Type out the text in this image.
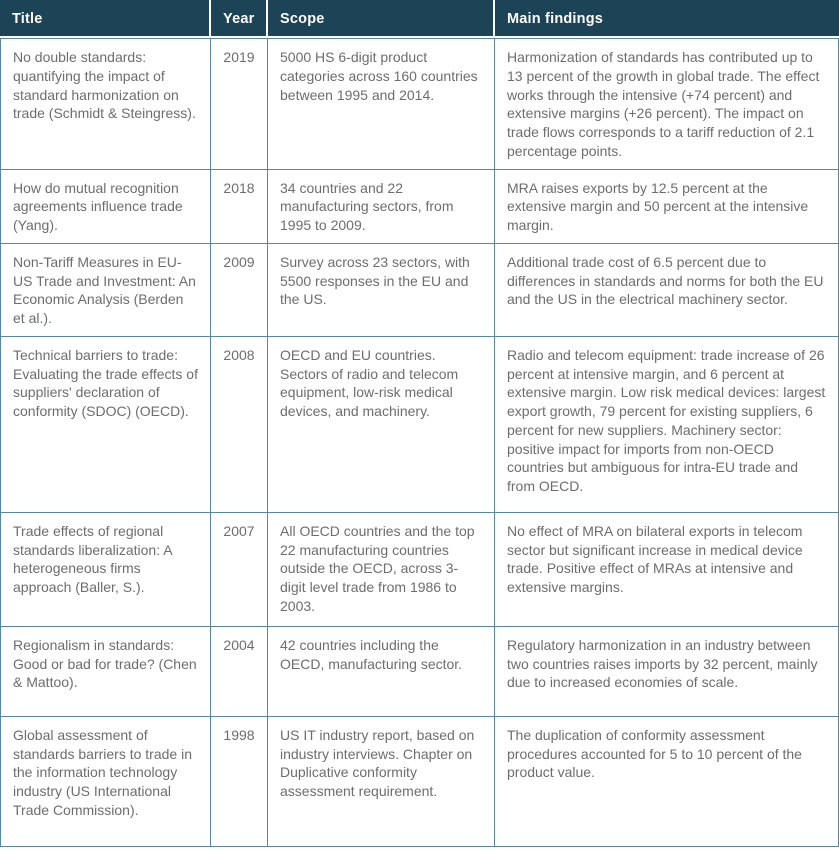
Title	Year	Scope	Main findings
No double standards: quantifying the impact of standard harmonization on trade (Schmidt & Steingress).	2019	5000 HS 6-digit product categories across 160 countries between 1995 and 2014.	Harmonization of standards has contributed up to 13 percent of the growth in global trade. The effect works through the intensive (+74 percent) and extensive margins (+26 percent). The impact on trade flows corresponds to a tariff reduction of 2.1 percentage points.
How do mutual recognition agreements influence trade (Yang).	2018	34 countries and 22 manufacturing sectors, from 1995 to 2009.	MRA raises exports by 12.5 percent at the extensive margin and 50 percent at the intensive margin.
Non-Tariff Measures in EU-US Trade and Investment: An Economic Analysis (Berden et al.).	2009	Survey across 23 sectors, with 5500 responses in the EU and the US.	Additional trade cost of 6.5 percent due to differences in standards and norms for both the EU and the US in the electrical machinery sector.
Technical barriers to trade: Evaluating the trade effects of suppliers' declaration of conformity (SDOC) (OECD).	2008	OECD and EU countries. Sectors of radio and telecom equipment, low-risk medical devices, and machinery.	Radio and telecom equipment: trade increase of 26 percent at intensive margin, and 6 percent at extensive margin. Low risk medical devices: largest export growth, 79 percent for existing suppliers, 6 percent for new suppliers. Machinery sector: positive impact for imports from non-OECD countries but ambiguous for intra-EU trade and from OECD.
Trade effects of regional standards liberalization: A heterogeneous firms approach (Baller, S.).	2007	All OECD countries and the top 22 manufacturing countries outside the OECD, across 3-digit level trade from 1986 to 2003.	No effect of MRA on bilateral exports in telecom sector but significant increase in medical device trade. Positive effect of MRAs at intensive and extensive margins.
Regionalism in standards: Good or bad for trade? (Chen & Mattoo).	2004	42 countries including the OECD, manufacturing sector.	Regulatory harmonization in an industry between two countries raises imports by 32 percent, mainly due to increased economies of scale.
Global assessment of standards barriers to trade in the information technology industry (US International Trade Commission).	1998	US IT industry report, based on industry interviews. Chapter on Duplicative conformity assessment requirement.	The duplication of conformity assessment procedures accounted for 5 to 10 percent of the product value.
